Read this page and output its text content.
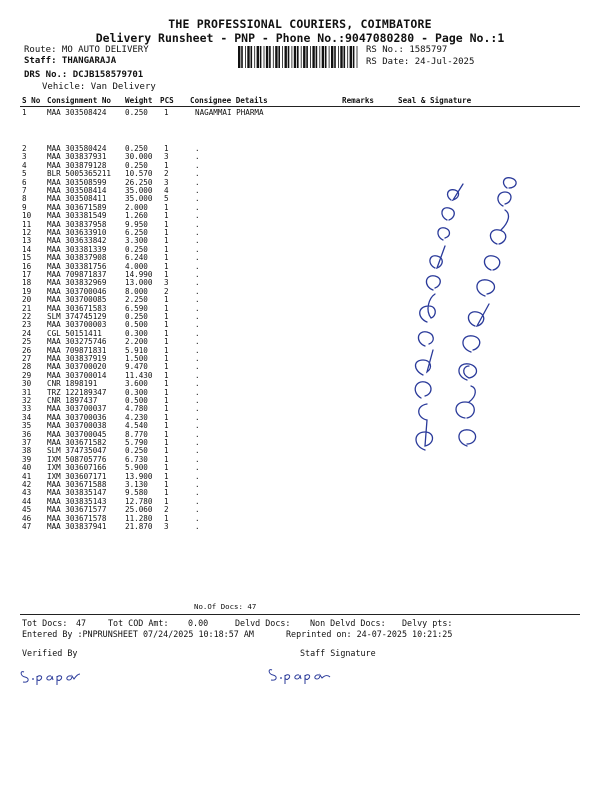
THE PROFESSIONAL COURIERS, COIMBATORE
Delivery Runsheet - PNP - Phone No.:9047080280 - Page No.:1
Route: MO AUTO DELIVERY
Staff: THANGARAJA
DRS No.: DCJB158579701
Vehicle: Van Delivery
RS No.: 1585797
RS Date: 24-Jul-2025
S No Consignment No Weight PCS Consignee Details	Remarks	Seal & Signature
1	MAA 303508424 0.250 1	NAGAMMAI PHARMA
2	MAA 303580424 0.250 1	.
3	MAA 303837931 30.000 3	.
4	MAA 303879128 0.250 1	.
5	BLR 5005365211 10.570 2	.
6	MAA 303508599 26.250 3	.
7	MAA 303508414 35.000 4	.
8	MAA 303508411 35.000 5	.
9	MAA 303671589 2.000 1	.
10 MAA 303381549 1.260 1	.
11 MAA 303837958 9.950 1	.
12 MAA 303633910 6.250 1	.
13 MAA 303633842 3.300 1	.
14 MAA 303381339 0.250 1	.
15 MAA 303837908 6.240 1	.
16 MAA 303381756 4.000 1	.
17 MAA 709871837 14.990 1	.
18 MAA 303832969 13.000 3	.
19 MAA 303700046 8.000 2	.
20 MAA 303700085 2.250 1	.
21 MAA 303671583 6.590 1	.
22 SLM 374745129 0.250 1	.
23 MAA 303700003 0.500 1	.
24 CGL 50151411	0.300 1	.
25 MAA 303275746 2.200 1	.
26 MAA 709871831 5.910 1	.
27 MAA 303837919 1.500 1	.
28 MAA 303700020 9.470 1	.
29 MAA 303700014 11.430 1	.
30 CNR 1898191	3.600 1	.
31 TRZ 122189347 0.300 1	.
32 CNR 1897437	0.500 1	.
33 MAA 303700037 4.780 1	.
34 MAA 303700036 4.230 1	.
35 MAA 303700038 4.540 1	.
36 MAA 303700045 8.770 1	.
37 MAA 303671582 5.790 1	.
38 SLM 374735047 0.250 1	.
39 IXM 508705776 6.730 1	.
40 IXM 303607166 5.900 1	.
41 IXM 303607171 13.900 1	.
42 MAA 303671588 3.130 1	.
43 MAA 303835147 9.580 1	.
44 MAA 303835143 12.780 1	.
45 MAA 303671577 25.060 2	.
46 MAA 303671578 11.280 1	.
47 MAA 303837941 21.870 3	.
No.Of Docs: 47
Tot Docs: 47	Tot COD Amt: 0.00	Delvd Docs: Non Delvd Docs: Delvy pts:
Entered By :PNPRUNSHEET 07/24/2025 10:18:57 AM	Reprinted on: 24-07-2025 10:21:25
Verified By	Staff Signature
